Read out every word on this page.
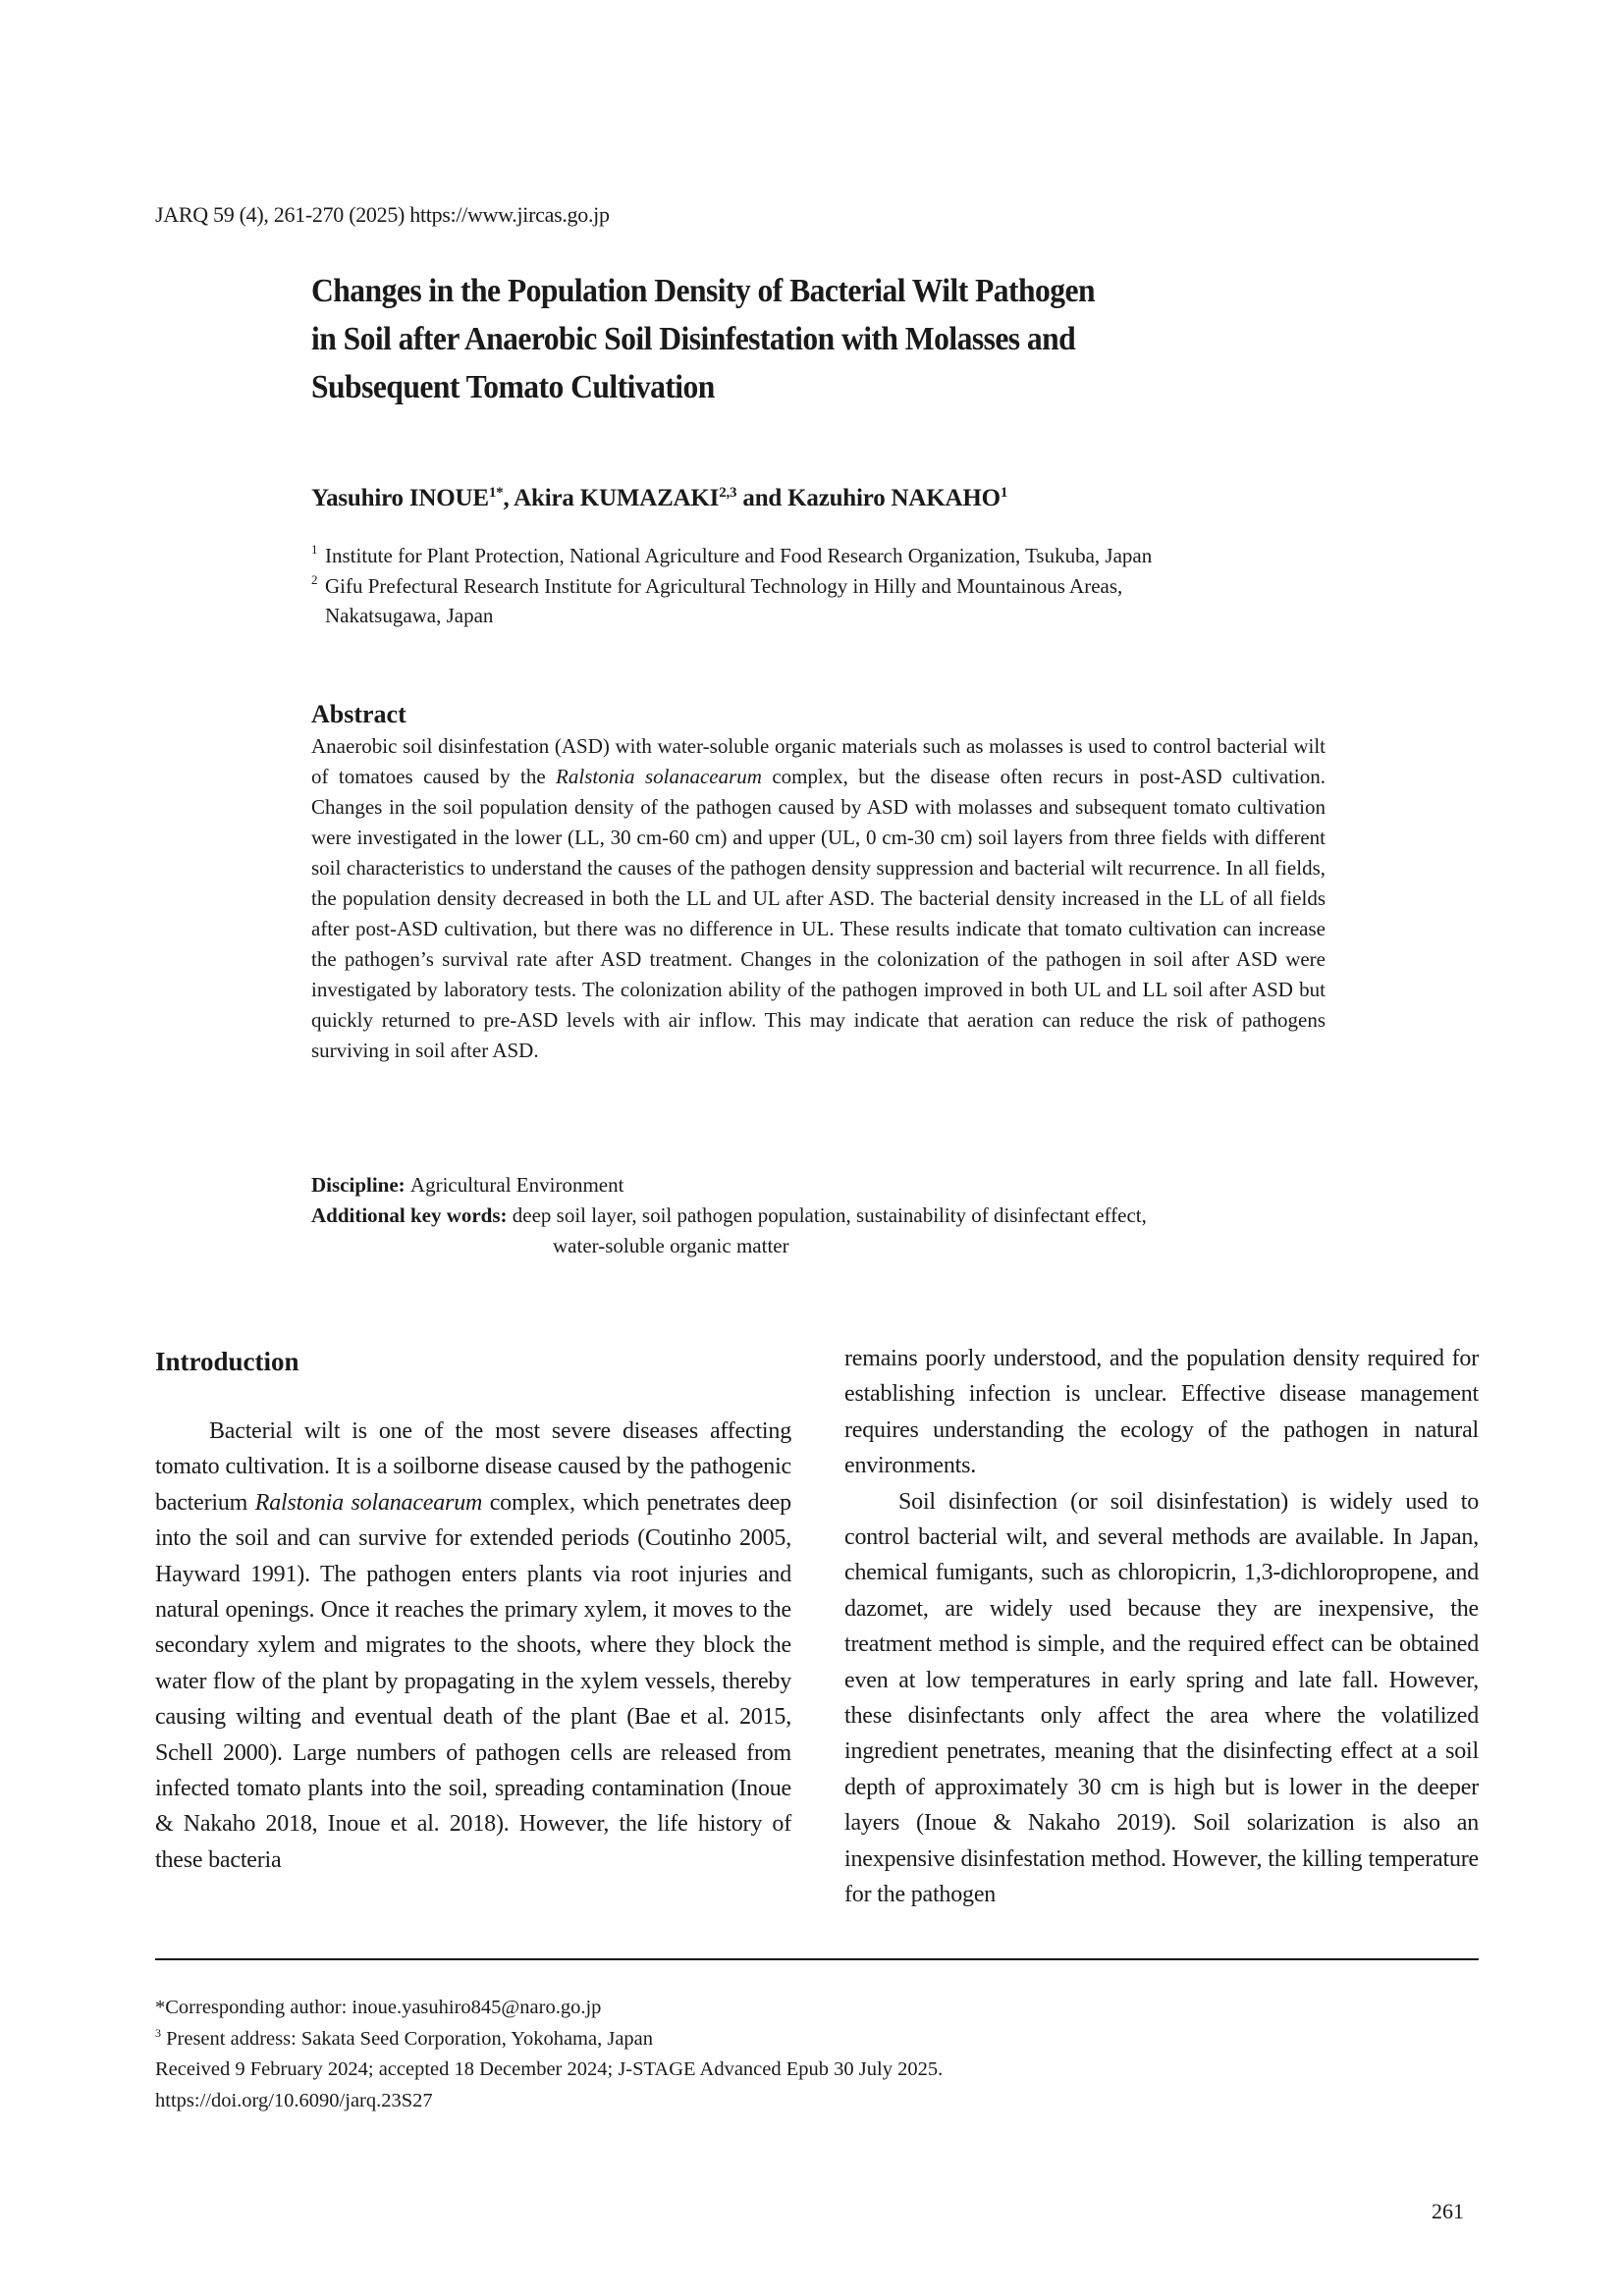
JARQ 59 (4), 261-270 (2025) https://www.jircas.go.jp
Changes in the Population Density of Bacterial Wilt Pathogen
in Soil after Anaerobic Soil Disinfestation with Molasses and
Subsequent Tomato Cultivation
Yasuhiro $INOUE^{1*}$, Akira KUMAZAKI$^{2,3}$ and Kazuhiro NAKAHO$^1$
1 Institute for Plant Protection, National Agriculture and Food Research Organization, Tsukuba, Japan
2 Gifu Prefectural Research Institute for Agricultural Technology in Hilly and Mountainous Areas,
Nakatsugawa, Japan
Abstract
Anaerobic soil disinfestation (ASD) with water-soluble organic materials such as molasses is used to control bacterial wilt of tomatoes caused by the Ralstonia solanacearum complex, but the disease often recurs in post-ASD cultivation. Changes in the soil population density of the pathogen caused by ASD with molasses and subsequent tomato cultivation were investigated in the lower (LL, 30 cm-60 cm) and upper (UL, 0 cm-30 cm) soil layers from three fields with different soil characteristics to understand the causes of the pathogen density suppression and bacterial wilt recurrence. In all fields, the population density decreased in both the LL and UL after ASD. The bacterial density increased in the LL of all fields after post-ASD cultivation, but there was no difference in UL. These results indicate that tomato cultivation can increase the pathogen’s survival rate after ASD treatment. Changes in the colonization of the pathogen in soil after ASD were investigated by laboratory tests. The colonization ability of the pathogen improved in both UL and LL soil after ASD but quickly returned to pre-ASD levels with air inflow. This may indicate that aeration can reduce the risk of pathogens surviving in soil after ASD.
Discipline:
Agricultural Environment
Additional key words:
deep soil layer, soil pathogen population, sustainability of disinfectant effect,
water-soluble organic matter
Introduction

Bacterial wilt is one of the most severe diseases affecting tomato cultivation. It is a soilborne disease caused by the pathogenic bacterium Ralstonia solanacearum complex, which penetrates deep into the soil and can survive for extended periods (Coutinho 2005, Hayward 1991). The pathogen enters plants via root injuries and natural openings. Once it reaches the primary xylem, it moves to the secondary xylem and migrates to the shoots, where they block the water flow of the plant by propagating in the xylem vessels, thereby causing wilting and eventual death of the plant (Bae et al. 2015, Schell 2000). Large numbers of pathogen cells are released from infected tomato plants into the soil, spreading contamination (Inoue & Nakaho 2018, Inoue et al. 2018). However, the life history of these bacteria

remains poorly understood, and the population density required for establishing infection is unclear. Effective disease management requires understanding the ecology of the pathogen in natural environments.

Soil disinfection (or soil disinfestation) is widely used to control bacterial wilt, and several methods are available. In Japan, chemical fumigants, such as chloropicrin, 1,3-dichloropropene, and dazomet, are widely used because they are inexpensive, the treatment method is simple, and the required effect can be obtained even at low temperatures in early spring and late fall. However, these disinfectants only affect the area where the volatilized ingredient penetrates, meaning that the disinfecting effect at a soil depth of approximately 30 cm is high but is lower in the deeper layers (Inoue & Nakaho 2019). Soil solarization is also an inexpensive disinfestation method. However, the killing temperature for the pathogen

*Corresponding author: inoue.yasuhiro845@naro.go.jp
$^3$ Present address: Sakata Seed Corporation, Yokohama, Japan
Received 9 February 2024; accepted 18 December 2024; J-STAGE Advanced Epub 30 July 2025.
https://doi.org/10.6090/jarq.23S27
261
